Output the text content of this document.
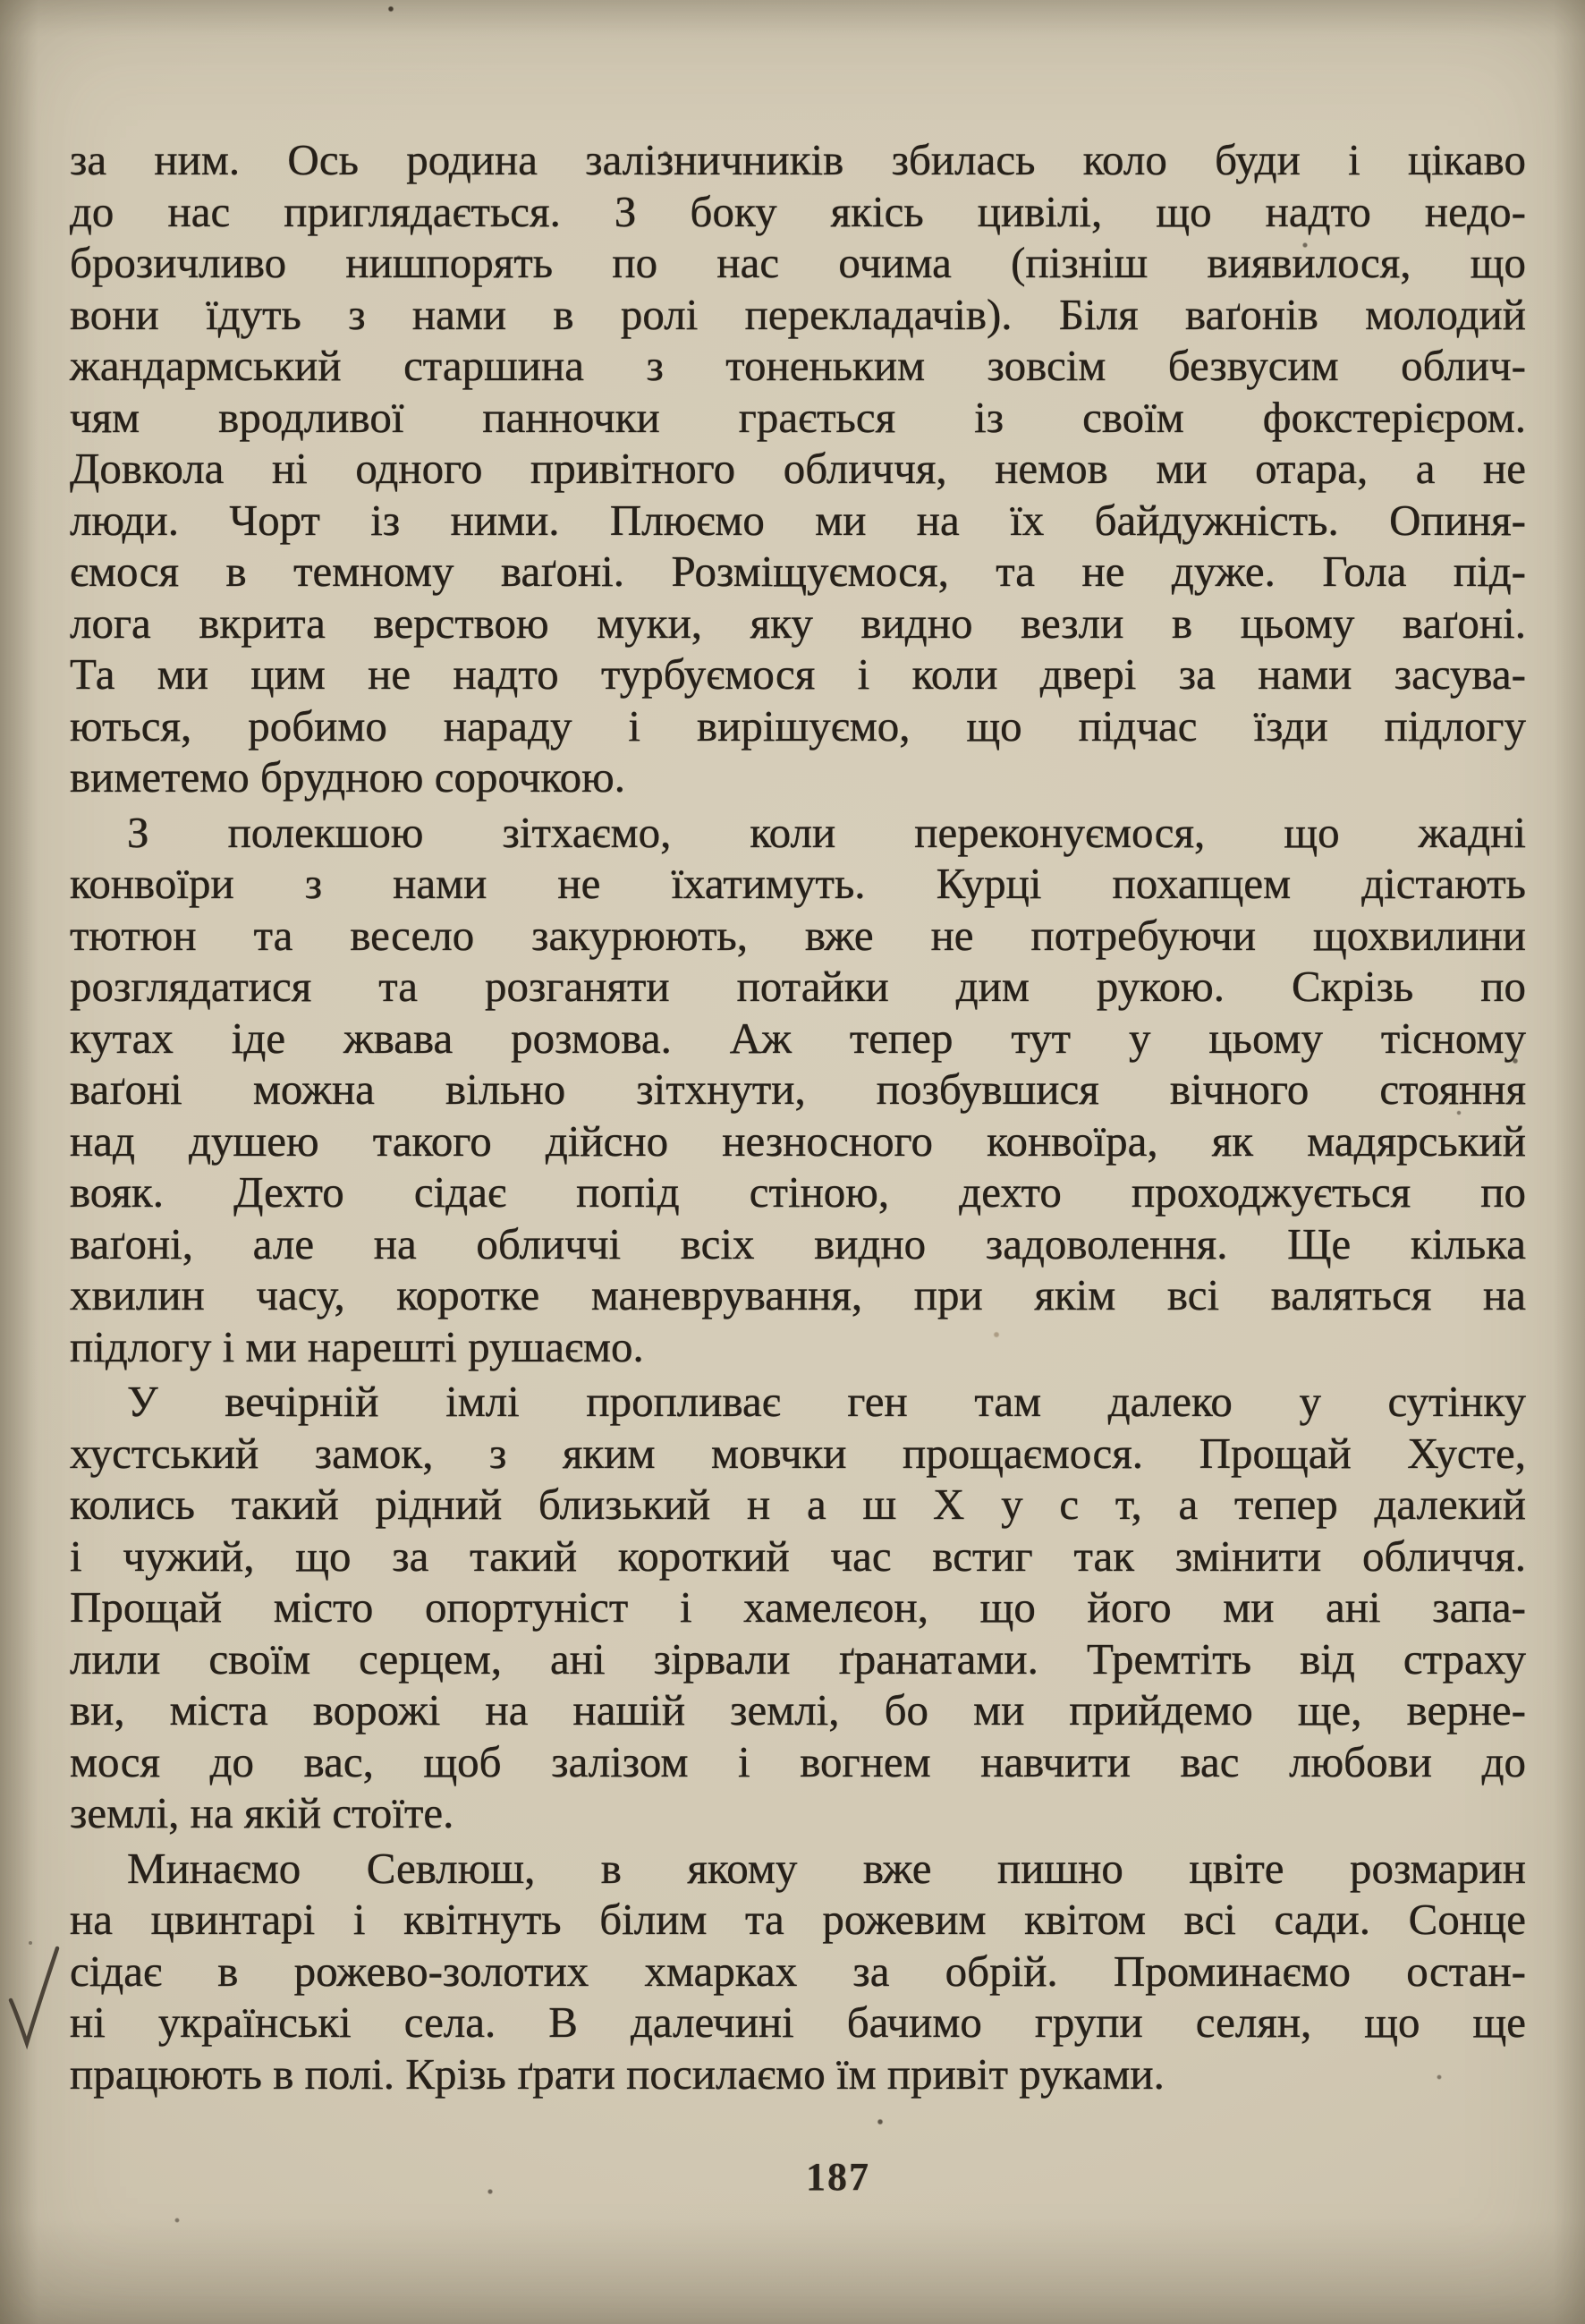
за ним. Ось родина залізничників збилась коло буди і цікаво
до нас приглядається. З боку якісь цивілі, що надто недо-
брозичливо нишпорять по нас очима (пізніш виявилося, що
вони їдуть з нами в ролі перекладачів). Біля ваґонів молодий
жандармський старшина з тоненьким зовсім безвусим облич-
чям вродливої панночки грається із своїм фокстерієром.
Довкола ні одного привітного обличчя, немов ми отара, а не
люди. Чорт із ними. Плюємо ми на їх байдужність. Опиня-
ємося в темному ваґоні. Розміщуємося, та не дуже. Гола під-
лога вкрита верствою муки, яку видно везли в цьому ваґоні.
Та ми цим не надто турбуємося і коли двері за нами засува-
ються, робимо нараду і вирішуємо, що підчас їзди підлогу
виметемо брудною сорочкою.
З полекшою зітхаємо, коли переконуємося, що жадні
конвоїри з нами не їхатимуть. Курці похапцем дістають
тютюн та весело закурюють, вже не потребуючи щохвилини
розглядатися та розганяти потайки дим рукою. Скрізь по
кутах іде жвава розмова. Аж тепер тут у цьому тісному
ваґоні можна вільно зітхнути, позбувшися вічного стояння
над душею такого дійсно незносного конвоїра, як мадярський
вояк. Дехто сідає попід стіною, дехто проходжується по
ваґоні, але на обличчі всіх видно задоволення. Ще кілька
хвилин часу, коротке маневрування, при якім всі валяться на
підлогу і ми нарешті рушаємо.
У вечірній імлі пропливає ген там далеко у сутінку
хустський замок, з яким мовчки прощаємося. Прощай Хусте,
колись такий рідний близький н а ш Х у с т, а тепер далекий
і чужий, що за такий короткий час встиг так змінити обличчя.
Прощай місто опортуніст і хамелєон, що його ми ані запа-
лили своїм серцем, ані зірвали ґранатами. Тремтіть від страху
ви, міста ворожі на нашій землі, бо ми прийдемо ще, верне-
мося до вас, щоб залізом і вогнем навчити вас любови до
землі, на якій стоїте.
Минаємо Севлюш, в якому вже пишно цвіте розмарин
на цвинтарі і квітнуть білим та рожевим квітом всі сади. Сонце
сідає в рожево-золотих хмарках за обрій. Проминаємо остан-
ні українські села. В далечині бачимо групи селян, що ще
працюють в полі. Крізь ґрати посилаємо їм привіт руками.
187
